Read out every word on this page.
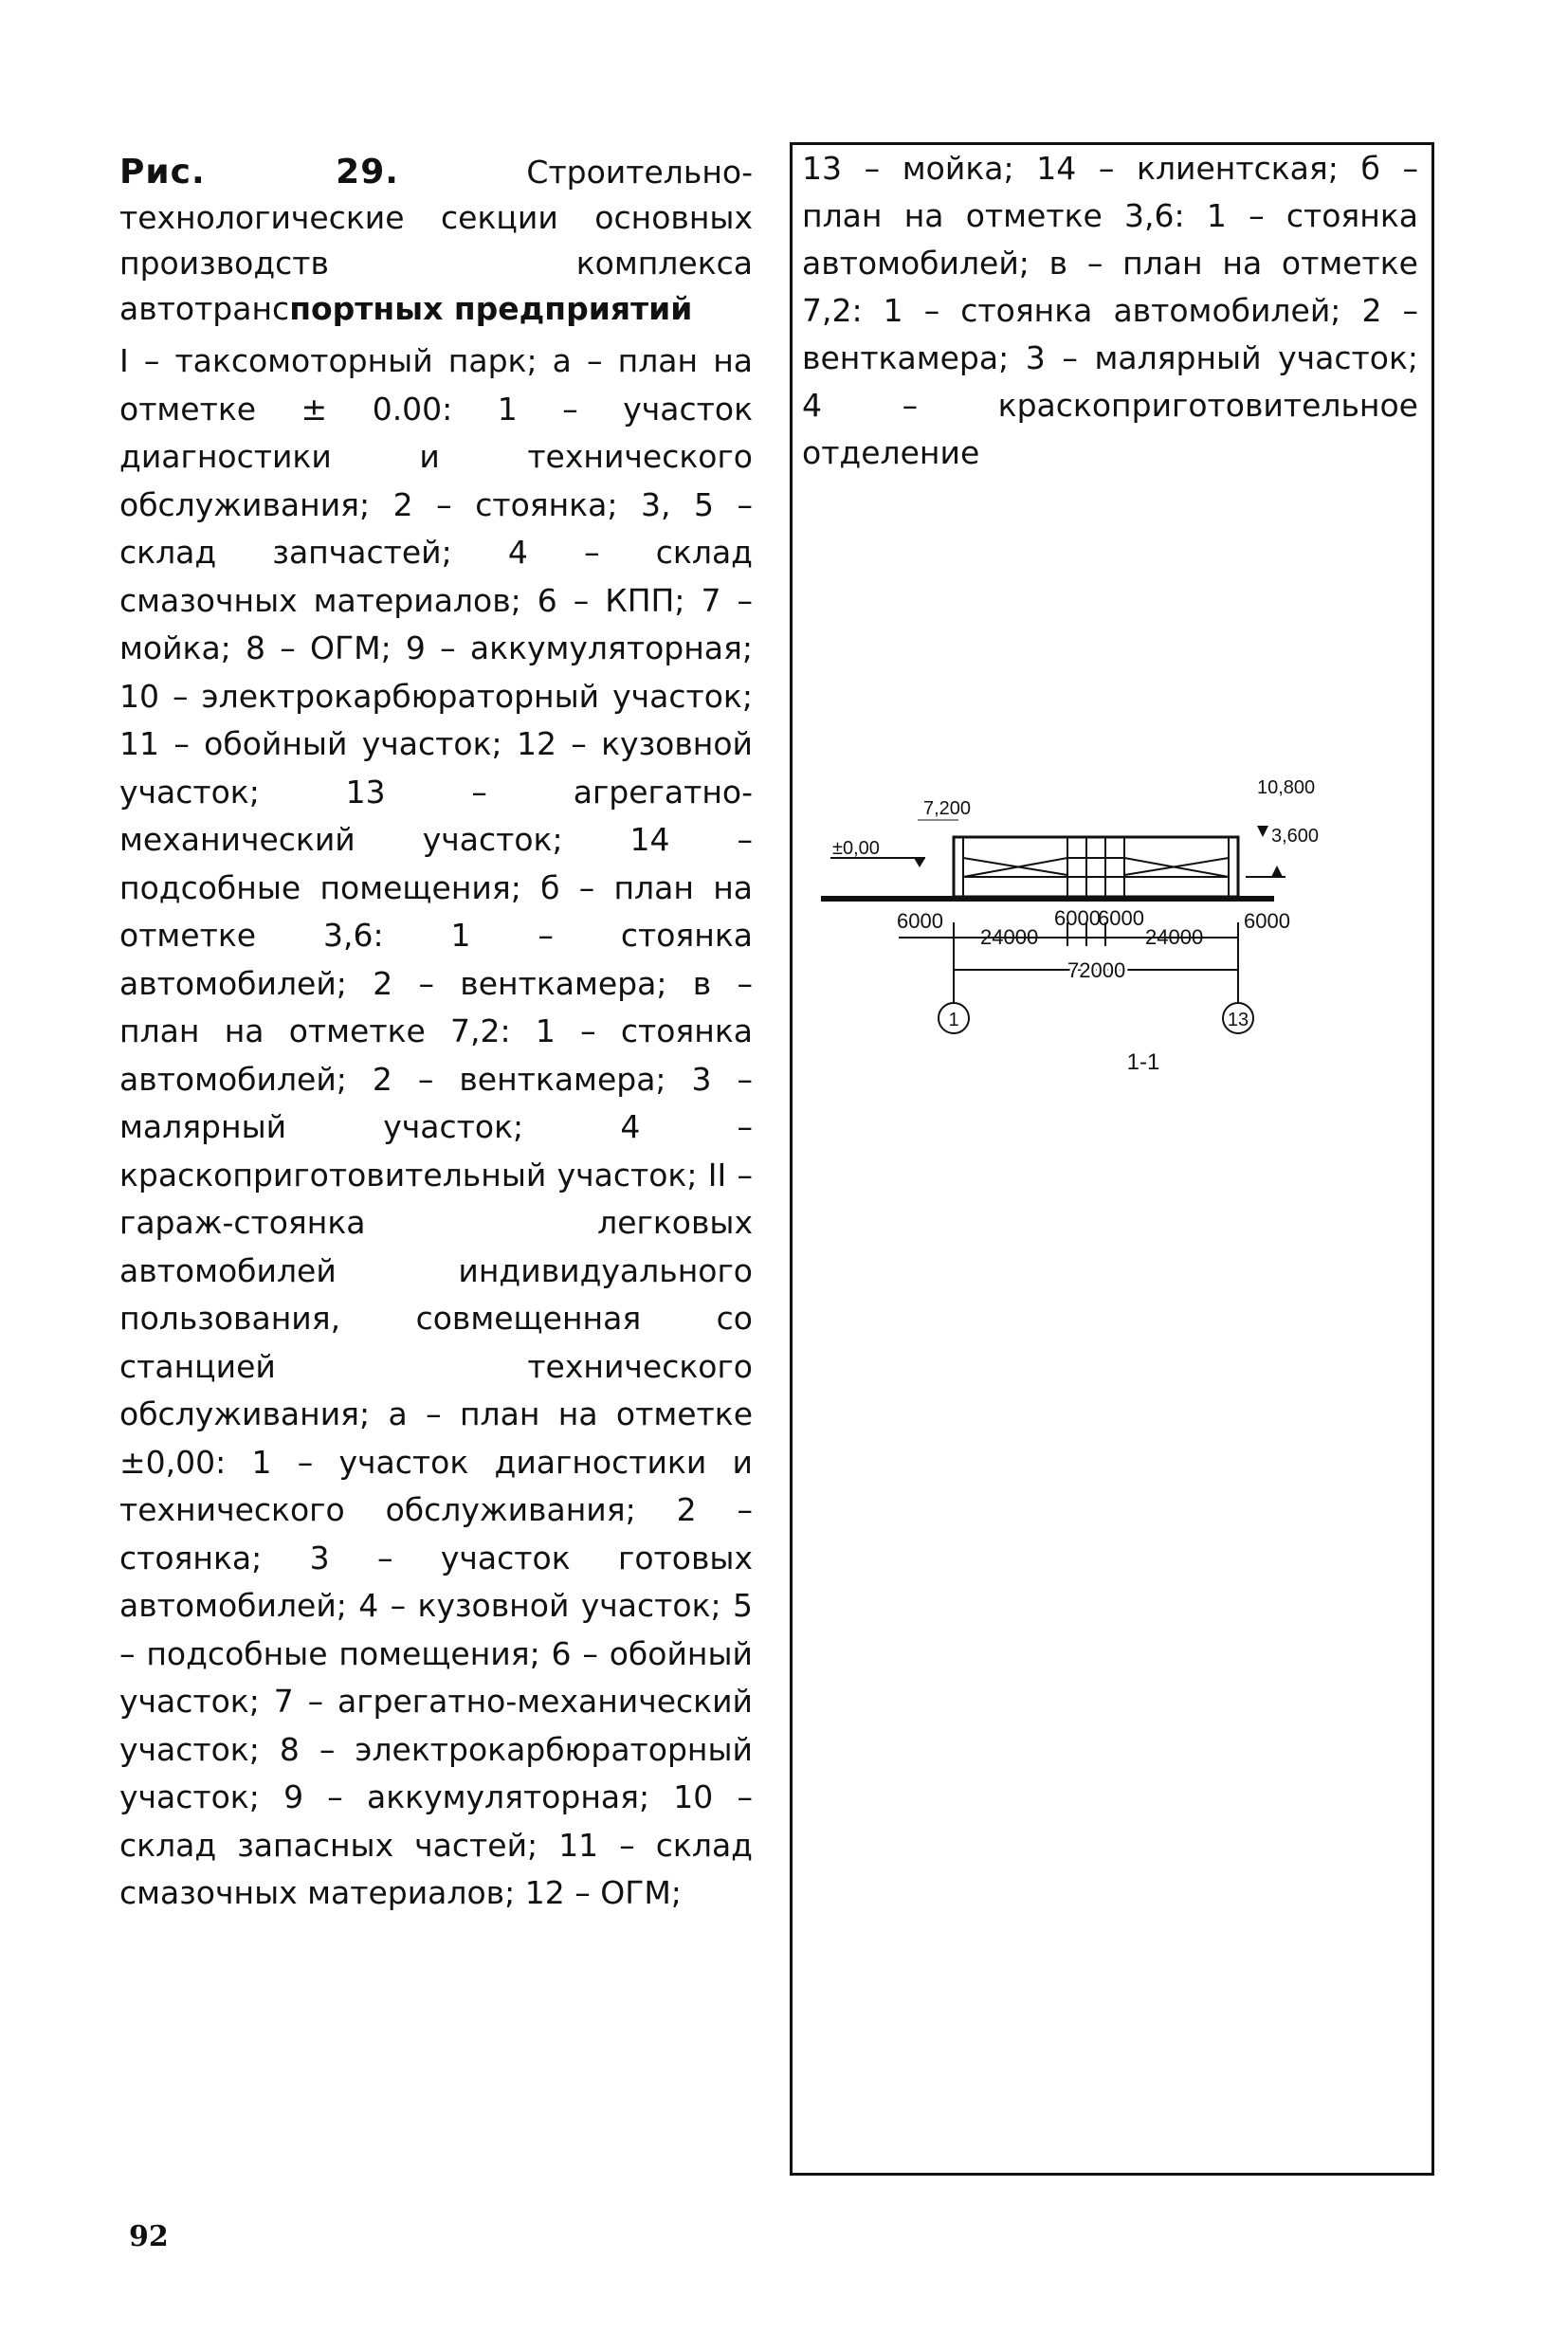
Рис. 29.	Строительно-технологические секции основных производств комплекса автотранспортных предприятий

I – таксомоторный парк; а – план на отметке ± 0.00: 1 – участок диагностики и технического обслуживания; 2 – стоянка; 3, 5 – склад запчастей; 4 – склад смазочных материалов; 6 – КПП; 7 – мойка; 8 – ОГМ; 9 – аккумуляторная; 10 – электрокарбюраторный участок; 11 – обойный участок; 12 – кузовной участок; 13 – агрегатно-механический участок; 14 – подсобные помещения; б – план на отметке 3,6: 1 – стоянка автомобилей; 2 – венткамера; в – план на отметке 7,2: 1 – стоянка автомобилей; 2 – венткамера; 3 – малярный участок; 4 – краскоприготовительный участок; II – гараж-стоянка легковых автомобилей индивидуального пользования, совмещенная со станцией технического обслуживания; а – план на отметке ±0,00: 1 – участок диагностики и технического обслуживания; 2 – стоянка; 3 – участок готовых автомобилей; 4 – кузовной участок; 5 – подсобные помещения; 6 – обойный участок; 7 – агрегатно-механический участок; 8 – электрокарбюраторный участок; 9 – аккумуляторная; 10 – склад запасных частей; 11 – склад смазочных материалов; 12 – ОГМ;

13 – мойка; 14 – клиентская; б – план на отметке 3,6: 1 – стоянка автомобилей; в – план на отметке 7,2: 1 – стоянка автомобилей; 2 – венткамера; 3 – малярный участок; 4 – краскоприготовительное отделение

±0,00
7,200
10,800
3,600
6000
24000
6000
6000
24000
6000
72000
1	13
1-1
92
